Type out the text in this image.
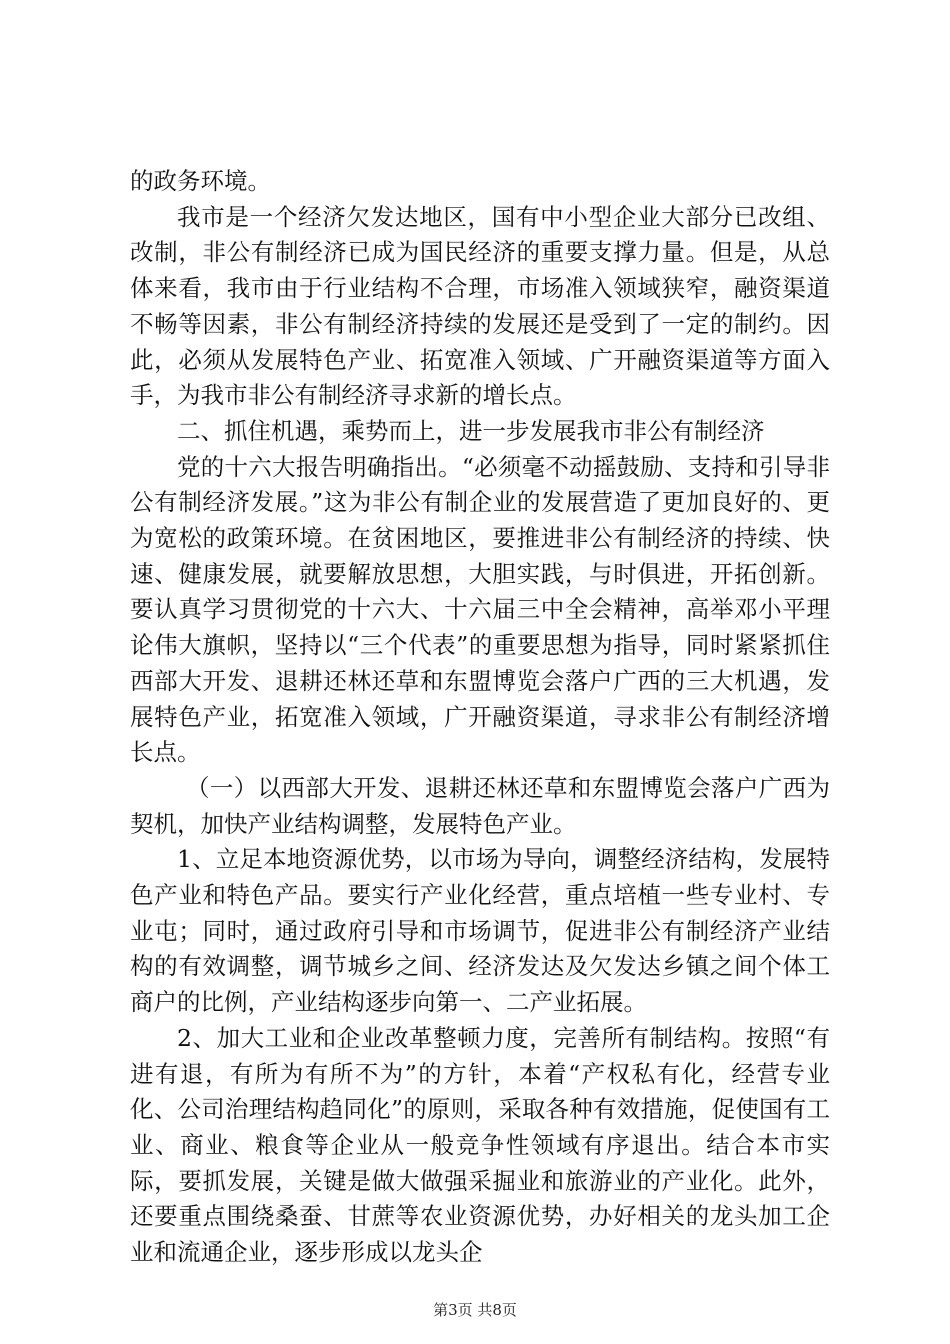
的政务环境。

我市是一个经济欠发达地区，国有中小型企业大部分已改组、改制，非公有制经济已成为国民经济的重要支撑力量。但是，从总体来看，我市由于行业结构不合理，市场准入领域狭窄，融资渠道不畅等因素，非公有制经济持续的发展还是受到了一定的制约。因此，必须从发展特色产业、拓宽准入领域、广开融资渠道等方面入手，为我市非公有制经济寻求新的增长点。

二、抓住机遇，乘势而上，进一步发展我市非公有制经济

党的十六大报告明确指出。“必须毫不动摇鼓励、支持和引导非公有制经济发展。”这为非公有制企业的发展营造了更加良好的、更为宽松的政策环境。在贫困地区，要推进非公有制经济的持续、快速、健康发展，就要解放思想，大胆实践，与时俱进，开拓创新。要认真学习贯彻党的十六大、十六届三中全会精神，高举邓小平理论伟大旗帜，坚持以“三个代表”的重要思想为指导，同时紧紧抓住西部大开发、退耕还林还草和东盟博览会落户广西的三大机遇，发展特色产业，拓宽准入领域，广开融资渠道，寻求非公有制经济增长点。

（一）以西部大开发、退耕还林还草和东盟博览会落户广西为契机，加快产业结构调整，发展特色产业。

1、立足本地资源优势，以市场为导向，调整经济结构，发展特色产业和特色产品。要实行产业化经营，重点培植一些专业村、专业屯；同时，通过政府引导和市场调节，促进非公有制经济产业结构的有效调整，调节城乡之间、经济发达及欠发达乡镇之间个体工商户的比例，产业结构逐步向第一、二产业拓展。

2、加大工业和企业改革整顿力度，完善所有制结构。按照“有进有退，有所为有所不为”的方针，本着“产权私有化，经营专业化、公司治理结构趋同化”的原则，采取各种有效措施，促使国有工业、商业、粮食等企业从一般竞争性领域有序退出。结合本市实际，要抓发展，关键是做大做强采掘业和旅游业的产业化。此外，还要重点围绕桑蚕、甘蔗等农业资源优势，办好相关的龙头加工企业和流通企业，逐步形成以龙头企

第3页 共8页
